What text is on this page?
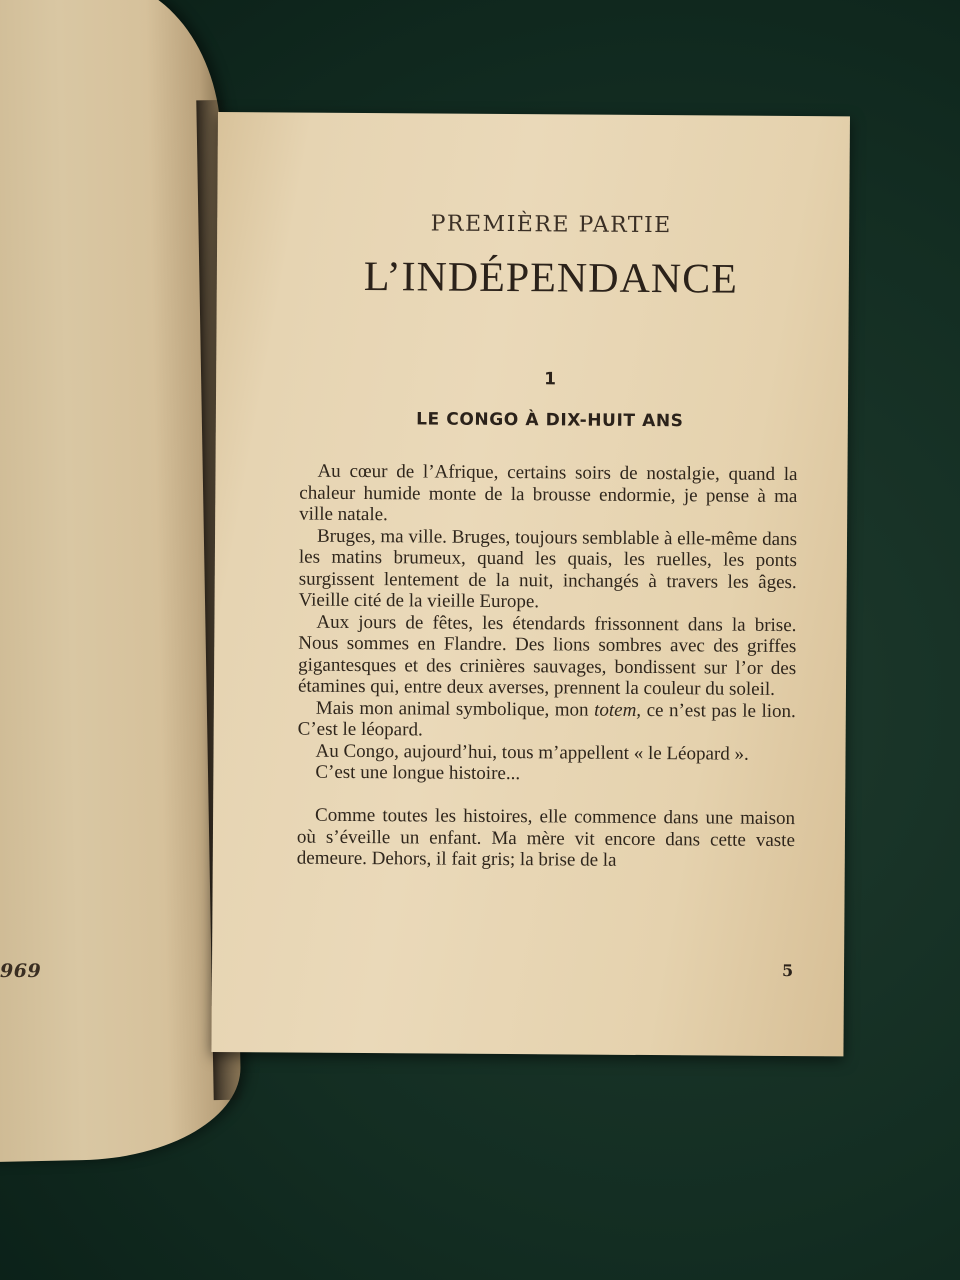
969
PREMIÈRE PARTIE
L’INDÉPENDANCE
1
LE CONGO À DIX-HUIT ANS

Au cœur de l’Afrique, certains soirs de nostalgie, quand la chaleur humide monte de la brousse endormie, je pense à ma ville natale.

Bruges, ma ville. Bruges, toujours semblable à elle-même dans les matins brumeux, quand les quais, les ruelles, les ponts surgissent lentement de la nuit, inchangés à travers les âges. Vieille cité de la vieille Europe.

Aux jours de fêtes, les étendards frissonnent dans la brise. Nous sommes en Flandre. Des lions sombres avec des griffes gigantesques et des crinières sauvages, bondissent sur l’or des étamines qui, entre deux averses, prennent la couleur du soleil.

Mais mon animal symbolique, mon totem, ce n’est pas le lion. C’est le léopard.

Au Congo, aujourd’hui, tous m’appellent « le Léopard ».

C’est une longue histoire...

Comme toutes les histoires, elle commence dans une maison où s’éveille un enfant. Ma mère vit encore dans cette vaste demeure. Dehors, il fait gris; la brise de la

5
